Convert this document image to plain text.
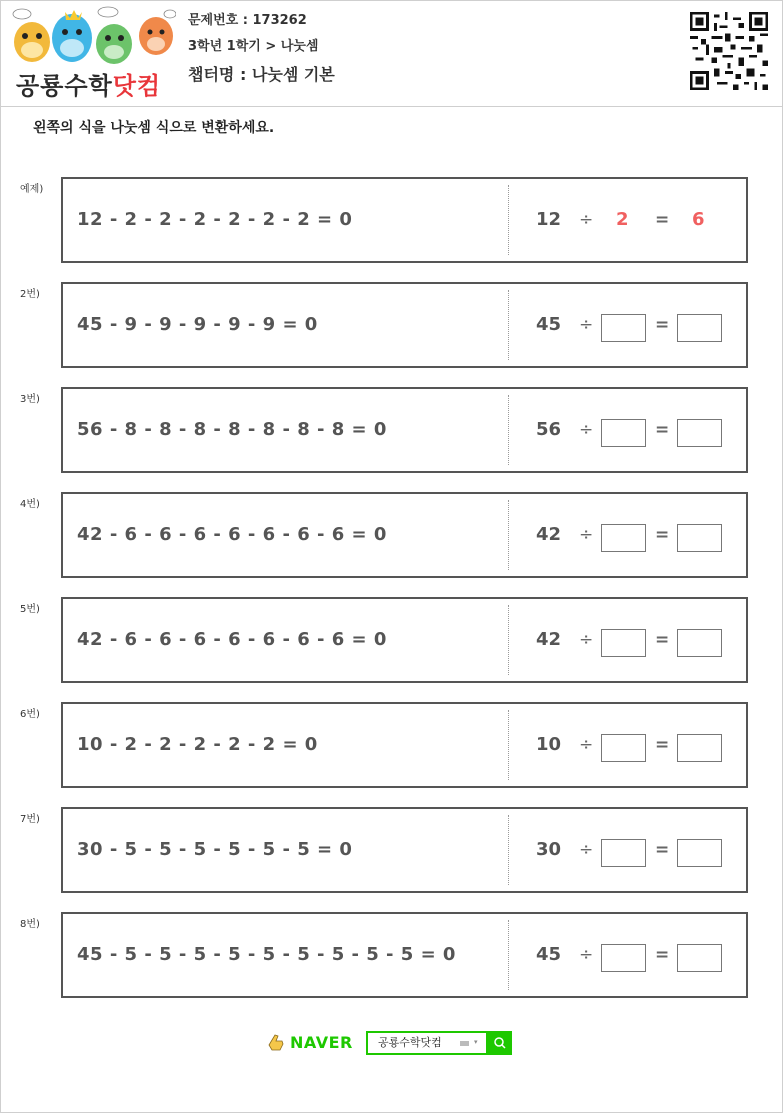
공룡수학닷컴
문제번호 : 173262
3학년 1학기 > 나눗셈
챕터명 : 나눗셈 기본
왼쪽의 식을 나눗셈 식으로 변환하세요.
예제)
12 - 2 - 2 - 2 - 2 - 2 - 2 = 0	12 ÷ 2 = 6
2번)
45 - 9 - 9 - 9 - 9 - 9 = 0	45 ÷	=
3번)
56 - 8 - 8 - 8 - 8 - 8 - 8 - 8 = 0	56 ÷	=
4번)
42 - 6 - 6 - 6 - 6 - 6 - 6 - 6 = 0	42 ÷	=
5번)
42 - 6 - 6 - 6 - 6 - 6 - 6 - 6 = 0	42 ÷	=
6번)
10 - 2 - 2 - 2 - 2 - 2 = 0	10 ÷	=
7번)
30 - 5 - 5 - 5 - 5 - 5 - 5 = 0	30 ÷	=
8번)
45 - 5 - 5 - 5 - 5 - 5 - 5 - 5 - 5 - 5 = 0	45 ÷	=
NAVER 공룡수학닷컴	▾
